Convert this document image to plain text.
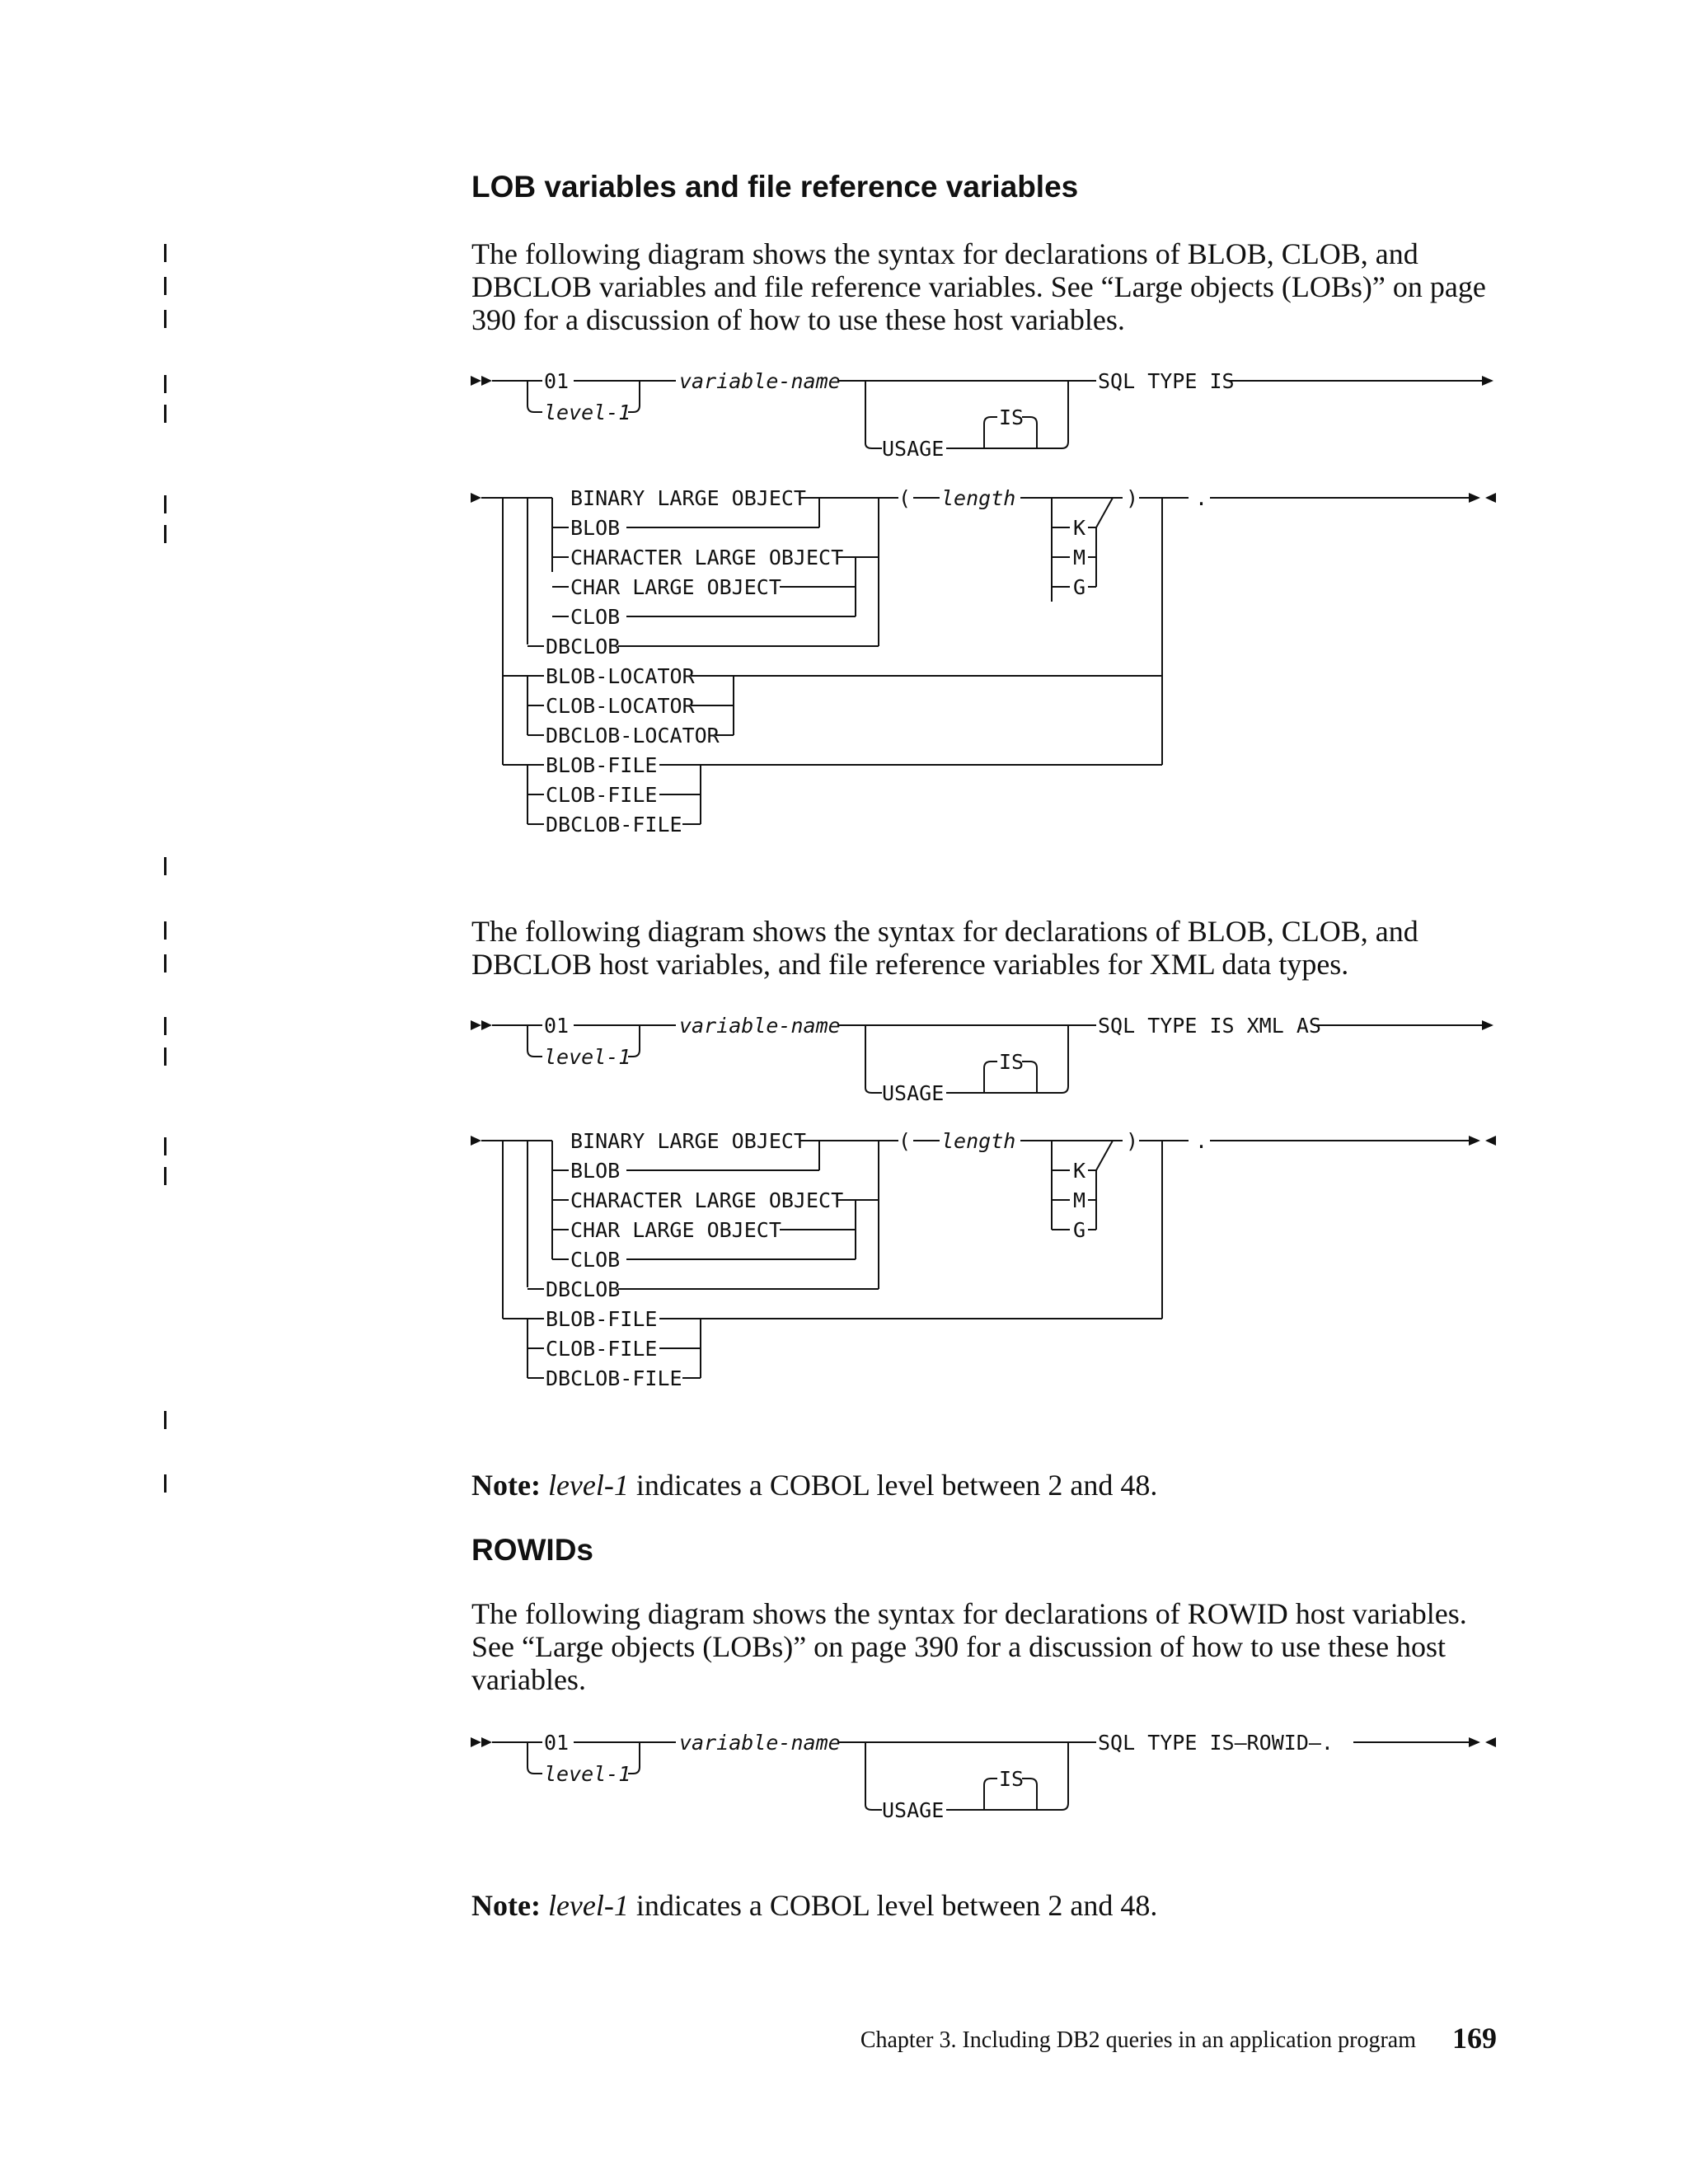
LOB variables and file reference variables

The following diagram shows the syntax for declarations of BLOB, CLOB, and

DBCLOB variables and file reference variables. See “Large objects (LOBs)” on page

390 for a discussion of how to use these host variables.

01
level-1
variable-name
USAGE
IS
SQL TYPE IS
BINARY LARGE OBJECT	( length	)	.
BLOB
CHARACTER LARGE OBJECT
CHAR LARGE OBJECT
CLOB
DBCLOB
K
M
G
BLOB-LOCATOR
CLOB-LOCATOR
DBCLOB-LOCATOR
BLOB-FILE
CLOB-FILE
DBCLOB-FILE

The following diagram shows the syntax for declarations of BLOB, CLOB, and

DBCLOB host variables, and file reference variables for XML data types.

01
level-1
variable-name
USAGE
IS
SQL TYPE IS XML AS
BINARY LARGE OBJECT	( length	)	.
BLOB
CHARACTER LARGE OBJECT
CHAR LARGE OBJECT
CLOB
DBCLOB
K
M
G
BLOB-FILE
CLOB-FILE
DBCLOB-FILE

Note: level-1 indicates a COBOL level between 2 and 48.

ROWIDs

The following diagram shows the syntax for declarations of ROWID host variables.

See “Large objects (LOBs)” on page 390 for a discussion of how to use these host

variables.

01
level-1
variable-name
USAGE
IS
SQL TYPE IS—ROWID—.

Note: level-1 indicates a COBOL level between 2 and 48.

Chapter 3. Including DB2 queries in an application program 169
